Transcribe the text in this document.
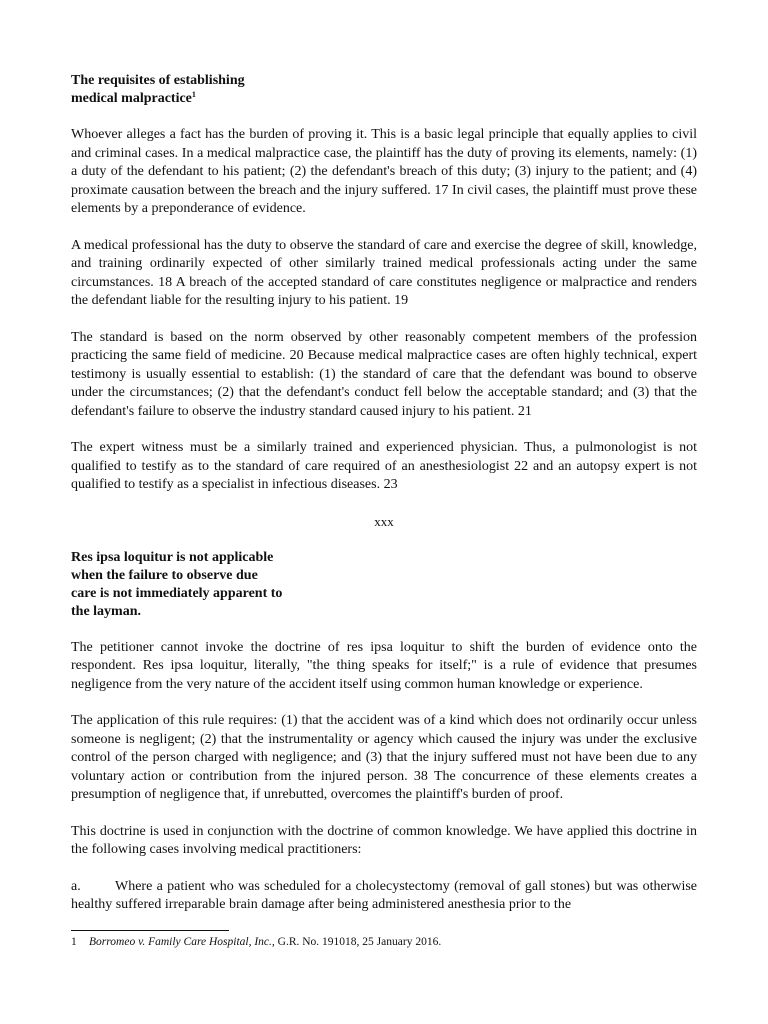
The requisites of establishing
medical malpractice$^1$

Whoever alleges a fact has the burden of proving it. This is a basic legal principle that equally applies to civil and criminal cases. In a medical malpractice case, the plaintiff has the duty of proving its elements, namely: (1) a duty of the defendant to his patient; (2) the defendant's breach of this duty; (3) injury to the patient; and (4) proximate causation between the breach and the injury suffered. 17 In civil cases, the plaintiff must prove these elements by a preponderance of evidence.

A medical professional has the duty to observe the standard of care and exercise the degree of skill, knowledge, and training ordinarily expected of other similarly trained medical professionals acting under the same circumstances. 18 A breach of the accepted standard of care constitutes negligence or malpractice and renders the defendant liable for the resulting injury to his patient. 19

The standard is based on the norm observed by other reasonably competent members of the profession practicing the same field of medicine. 20 Because medical malpractice cases are often highly technical, expert testimony is usually essential to establish: (1) the standard of care that the defendant was bound to observe under the circumstances; (2) that the defendant's conduct fell below the acceptable standard; and (3) that the defendant's failure to observe the industry standard caused injury to his patient. 21

The expert witness must be a similarly trained and experienced physician. Thus, a pulmonologist is not qualified to testify as to the standard of care required of an anesthesiologist 22 and an autopsy expert is not qualified to testify as a specialist in infectious diseases. 23

xxx

Res ipsa loquitur is not applicable
when the failure to observe due
care is not immediately apparent to
the layman.

The petitioner cannot invoke the doctrine of res ipsa loquitur to shift the burden of evidence onto the respondent. Res ipsa loquitur, literally, "the thing speaks for itself;" is a rule of evidence that presumes negligence from the very nature of the accident itself using common human knowledge or experience.

The application of this rule requires: (1) that the accident was of a kind which does not ordinarily occur unless someone is negligent; (2) that the instrumentality or agency which caused the injury was under the exclusive control of the person charged with negligence; and (3) that the injury suffered must not have been due to any voluntary action or contribution from the injured person. 38 The concurrence of these elements creates a presumption of negligence that, if unrebutted, overcomes the plaintiff's burden of proof.

This doctrine is used in conjunction with the doctrine of common knowledge. We have applied this doctrine in the following cases involving medical practitioners:

a. Where a patient who was scheduled for a cholecystectomy (removal of gall stones) but was otherwise healthy suffered irreparable brain damage after being administered anesthesia prior to the

1 Borromeo v. Family Care Hospital, Inc., G.R. No. 191018, 25 January 2016.
